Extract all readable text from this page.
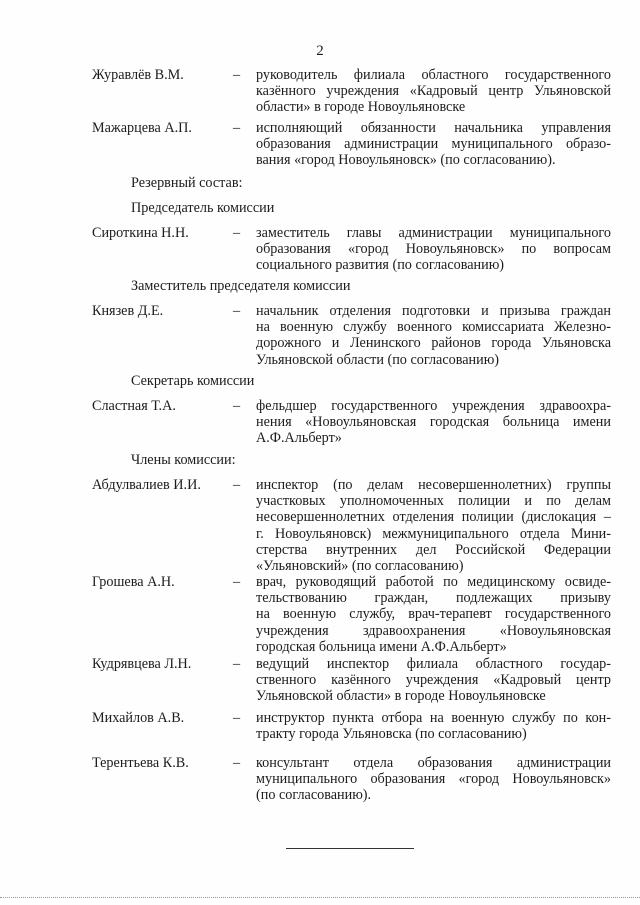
2
Журавлёв В.М.	– руководитель филиала областного государственного
казённого учреждения «Кадровый центр Ульяновской
области» в городе Новоульяновске
Мажарцева А.П.	– исполняющий обязанности начальника управления
образования администрации муниципального образо-
вания «город Новоульяновск» (по согласованию).
Резервный состав:
Председатель комиссии
Сироткина Н.Н.	– заместитель главы администрации муниципального
образования «город Новоульяновск» по вопросам
социального развития (по согласованию)
Заместитель председателя комиссии
Князев Д.Е.	– начальник отделения подготовки и призыва граждан
на военную службу военного комиссариата Железно-
дорожного и Ленинского районов города Ульяновска
Ульяновской области (по согласованию)
Секретарь комиссии
Сластная Т.А.	– фельдшер государственного учреждения здравоохра-
нения «Новоульяновская городская больница имени
А.Ф.Альберт»
Члены комиссии:
Абдулвалиев И.И. – инспектор (по делам несовершеннолетних) группы
участковых уполномоченных полиции и по делам
несовершеннолетних отделения полиции (дислокация –
г. Новоульяновск) межмуниципального отдела Мини-
стерства внутренних дел Российской Федерации
«Ульяновский» (по согласованию)
Грошева А.Н.	– врач, руководящий работой по медицинскому освиде-
тельствованию граждан, подлежащих призыву
на военную службу, врач-терапевт государственного
учреждения здравоохранения «Новоульяновская
городская больница имени А.Ф.Альберт»
Кудрявцева Л.Н.	– ведущий инспектор филиала областного государ-
ственного казённого учреждения «Кадровый центр
Ульяновской области» в городе Новоульяновске
Михайлов А.В.	– инструктор пункта отбора на военную службу по кон-
тракту города Ульяновска (по согласованию)
Терентьева К.В.	– консультант отдела образования администрации
муниципального образования «город Новоульяновск»
(по согласованию).
